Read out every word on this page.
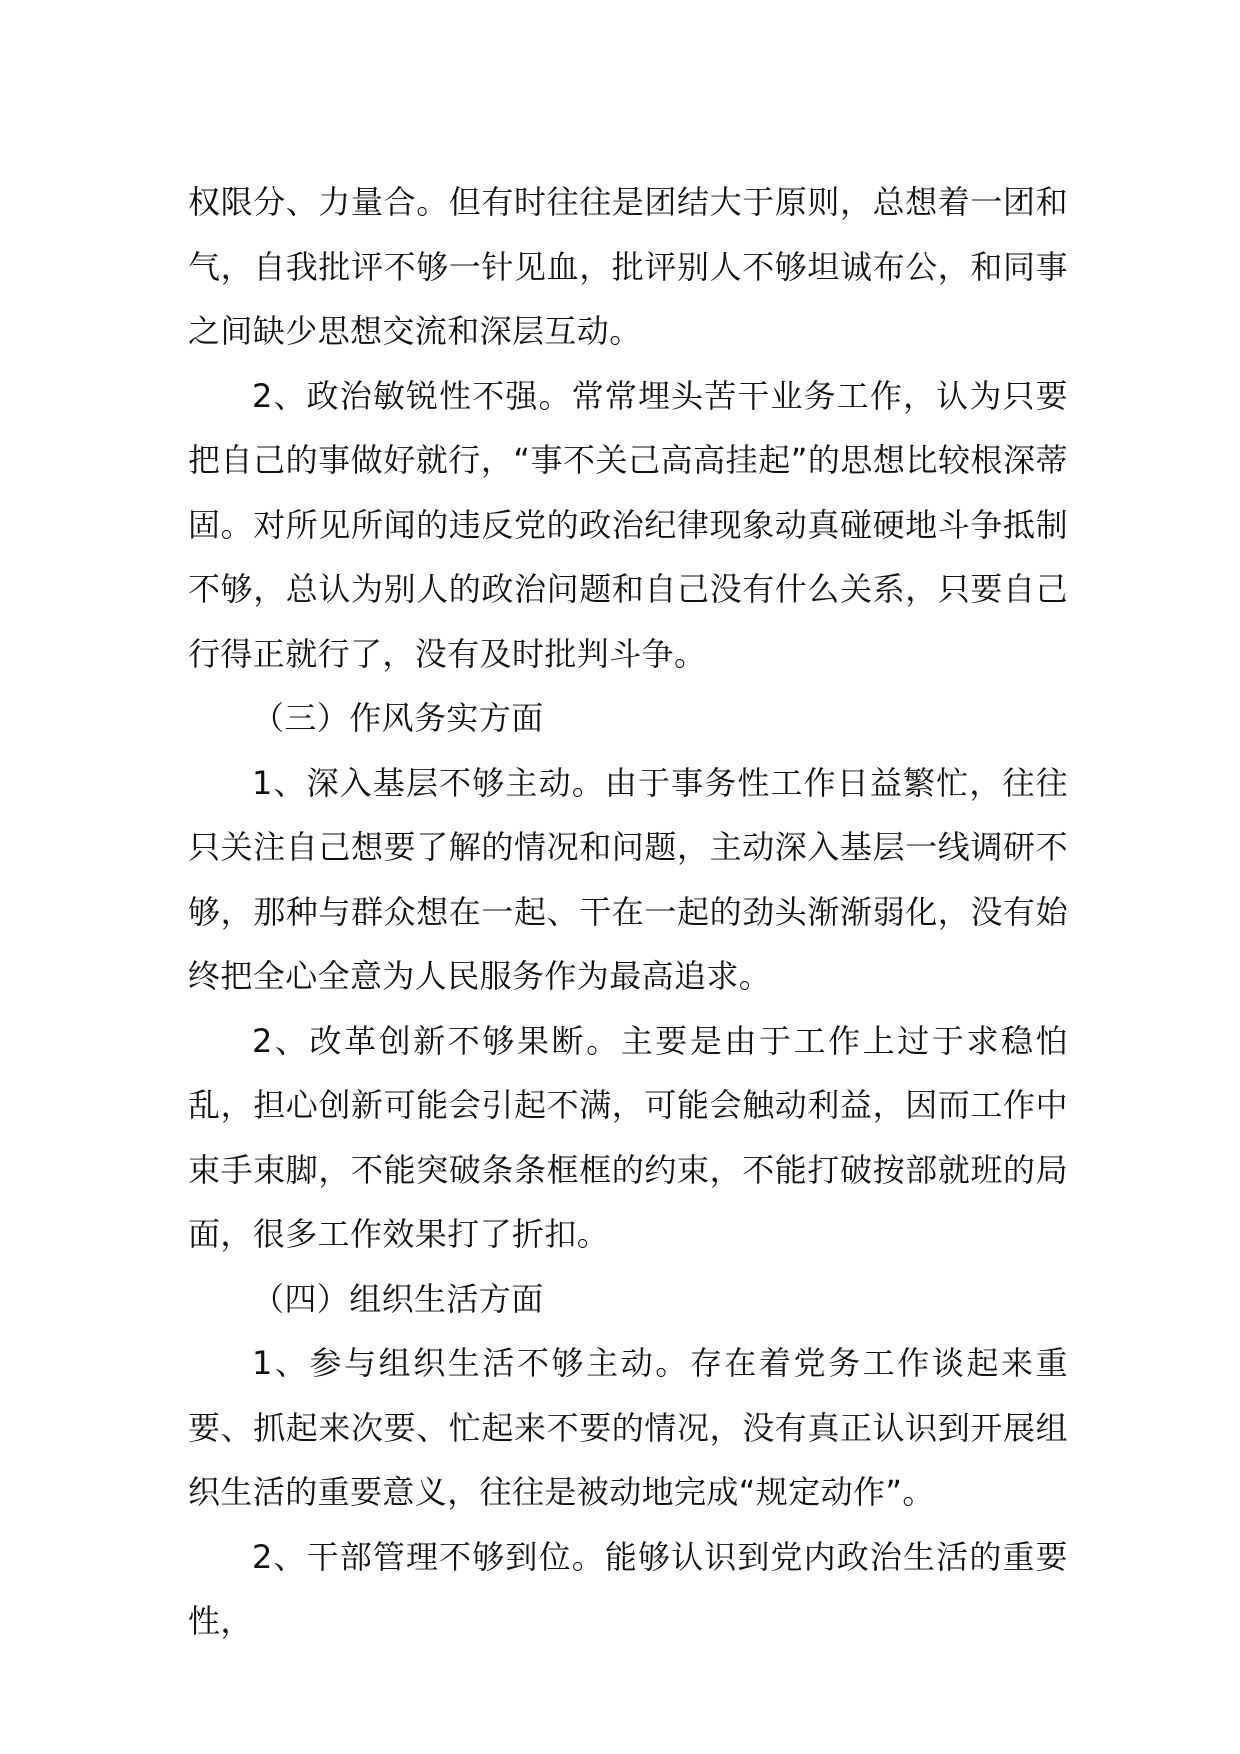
权限分、力量合。但有时往往是团结大于原则，总想着一团和气，自我批评不够一针见血，批评别人不够坦诚布公，和同事之间缺少思想交流和深层互动。

2、政治敏锐性不强。常常埋头苦干业务工作，认为只要把自己的事做好就行，“事不关己高高挂起”的思想比较根深蒂固。对所见所闻的违反党的政治纪律现象动真碰硬地斗争抵制不够，总认为别人的政治问题和自己没有什么关系，只要自己行得正就行了，没有及时批判斗争。

（三）作风务实方面

1、深入基层不够主动。由于事务性工作日益繁忙，往往只关注自己想要了解的情况和问题，主动深入基层一线调研不够，那种与群众想在一起、干在一起的劲头渐渐弱化，没有始终把全心全意为人民服务作为最高追求。

2、改革创新不够果断。主要是由于工作上过于求稳怕乱，担心创新可能会引起不满，可能会触动利益，因而工作中束手束脚，不能突破条条框框的约束，不能打破按部就班的局面，很多工作效果打了折扣。

（四）组织生活方面

1、参与组织生活不够主动。存在着党务工作谈起来重要、抓起来次要、忙起来不要的情况，没有真正认识到开展组织生活的重要意义，往往是被动地完成“规定动作”。

2、干部管理不够到位。能够认识到党内政治生活的重要性，
